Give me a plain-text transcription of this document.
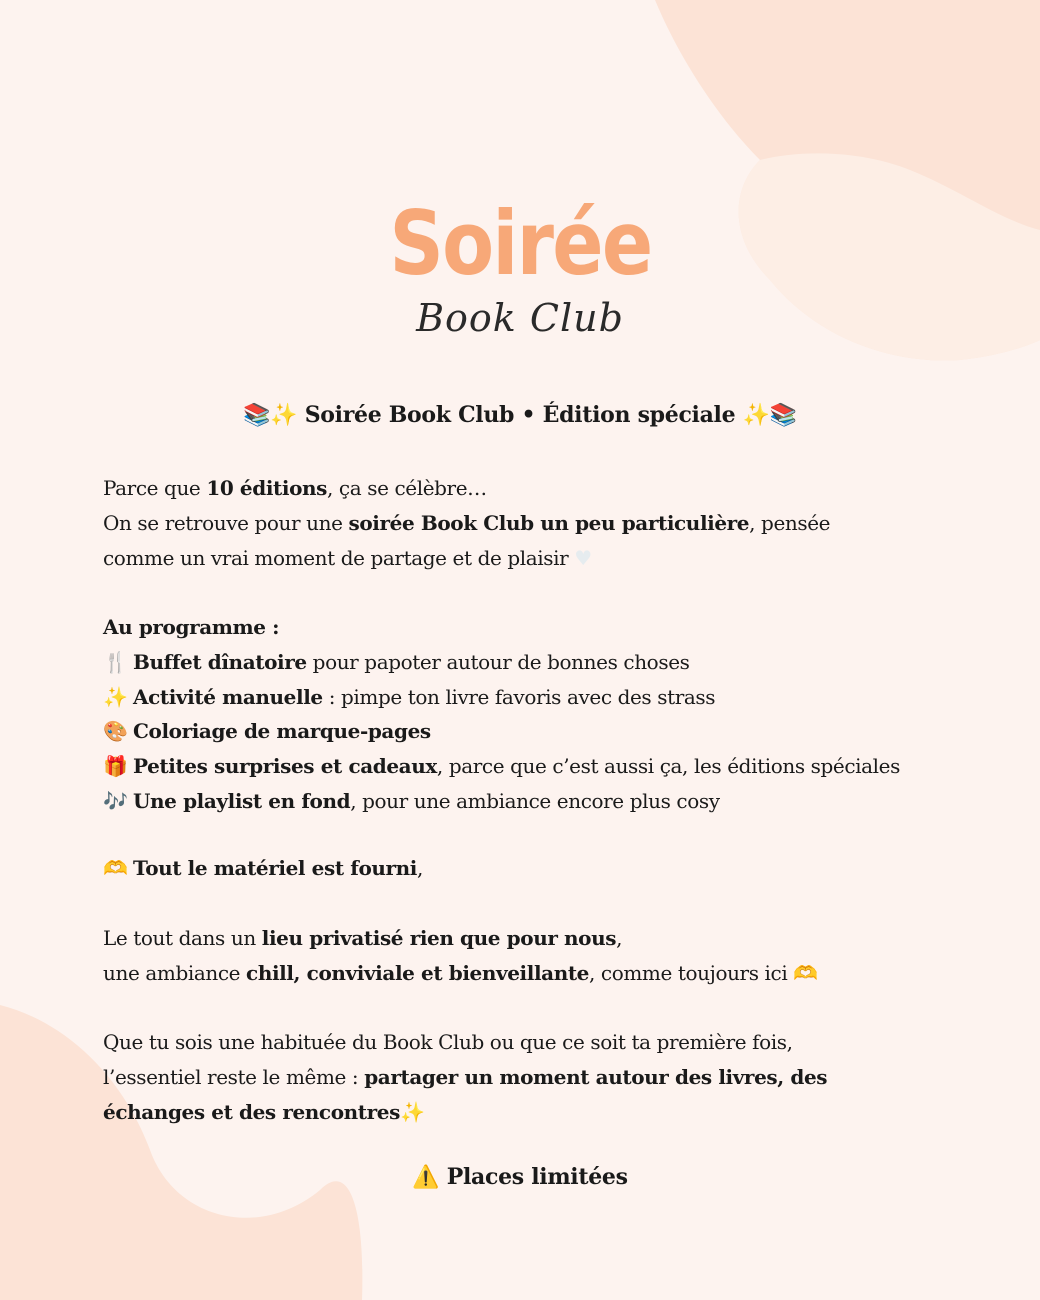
Soirée
Book Club
📚✨ Soirée Book Club • Édition spéciale ✨📚
Parce que 10 éditions, ça se célèbre…
On se retrouve pour une soirée Book Club un peu particulière, pensée
comme un vrai moment de partage et de plaisir ♥
Au programme :
🍴 Buffet dînatoire pour papoter autour de bonnes choses
✨ Activité manuelle : pimpe ton livre favoris avec des strass
🎨 Coloriage de marque-pages
🎁 Petites surprises et cadeaux, parce que c’est aussi ça, les éditions spéciales
🎶 Une playlist en fond, pour une ambiance encore plus cosy
🫶 Tout le matériel est fourni,
Le tout dans un lieu privatisé rien que pour nous,
une ambiance chill, conviviale et bienveillante, comme toujours ici 🫶
Que tu sois une habituée du Book Club ou que ce soit ta première fois,
l’essentiel reste le même : partager un moment autour des livres, des
échanges et des rencontres✨
⚠️ Places limitées
